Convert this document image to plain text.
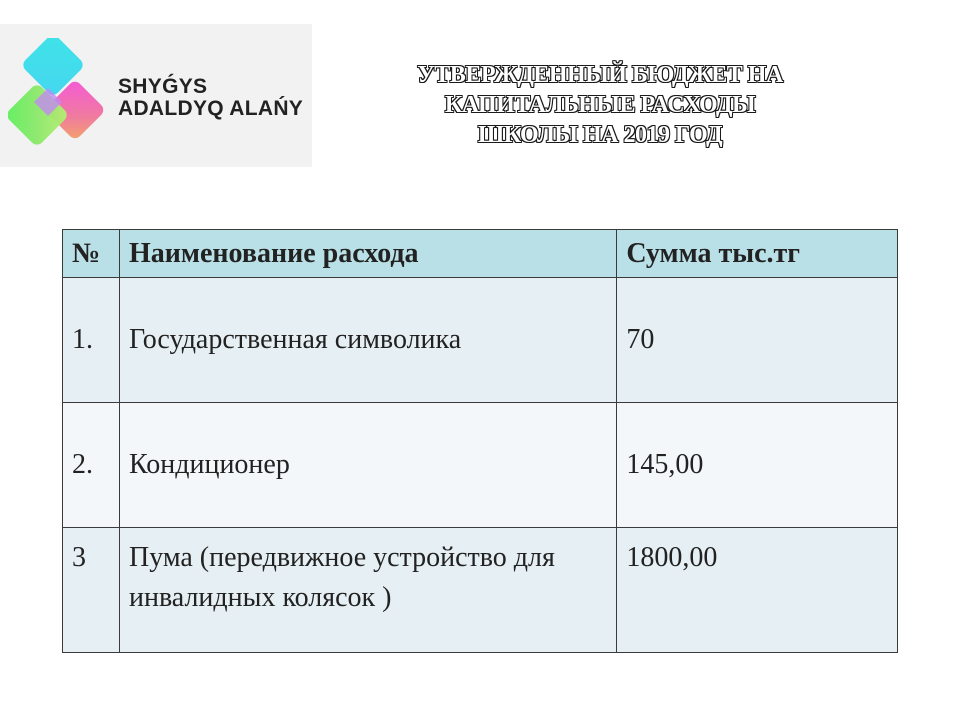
SHYǴYS
ADALDYQ ALAŃY
УТВЕРЖДЕННЫЙ БЮДЖЕТ НА
КАПИТАЛЬНЫЕ РАСХОДЫ
ШКОЛЫ НА 2019 ГОД
№	Наименование расхода	Сумма тыс.тг
1.	Государственная символика	70
2.	Кондиционер	145,00
3	Пума (передвижное устройство для инвалидных колясок )	1800,00
